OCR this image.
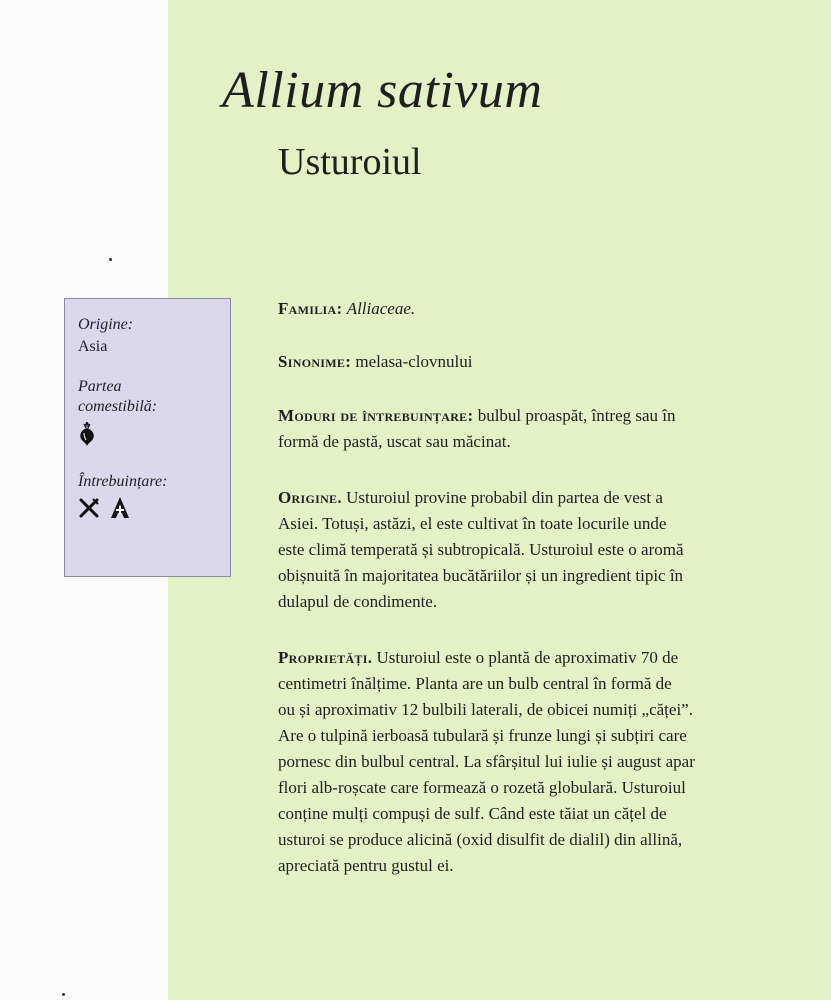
Allium sativum
Usturoiul

Origine:

Asia

Partea

comestibilă:

Întrebuințare:

Familia: Alliaceae.

Sinonime: melasa-clovnului

Moduri de întrebuințare: bulbul proaspăt, întreg sau în
formă de pastă, uscat sau măcinat.

Origine. Usturoiul provine probabil din partea de vest a
Asiei. Totuși, astăzi, el este cultivat în toate locurile unde
este climă temperată și subtropicală. Usturoiul este o aromă
obișnuită în majoritatea bucătăriilor și un ingredient tipic în
dulapul de condimente.

Proprietăți. Usturoiul este o plantă de aproximativ 70 de
centimetri înălțime. Planta are un bulb central în formă de
ou și aproximativ 12 bulbili laterali, de obicei numiți „căței”.
Are o tulpină ierboasă tubulară și frunze lungi și subțiri care
pornesc din bulbul central. La sfârșitul lui iulie și august apar
flori alb-roșcate care formează o rozetă globulară. Usturoiul
conține mulți compuși de sulf. Când este tăiat un cățel de
usturoi se produce alicină (oxid disulfit de dialil) din allină,
apreciată pentru gustul ei.
